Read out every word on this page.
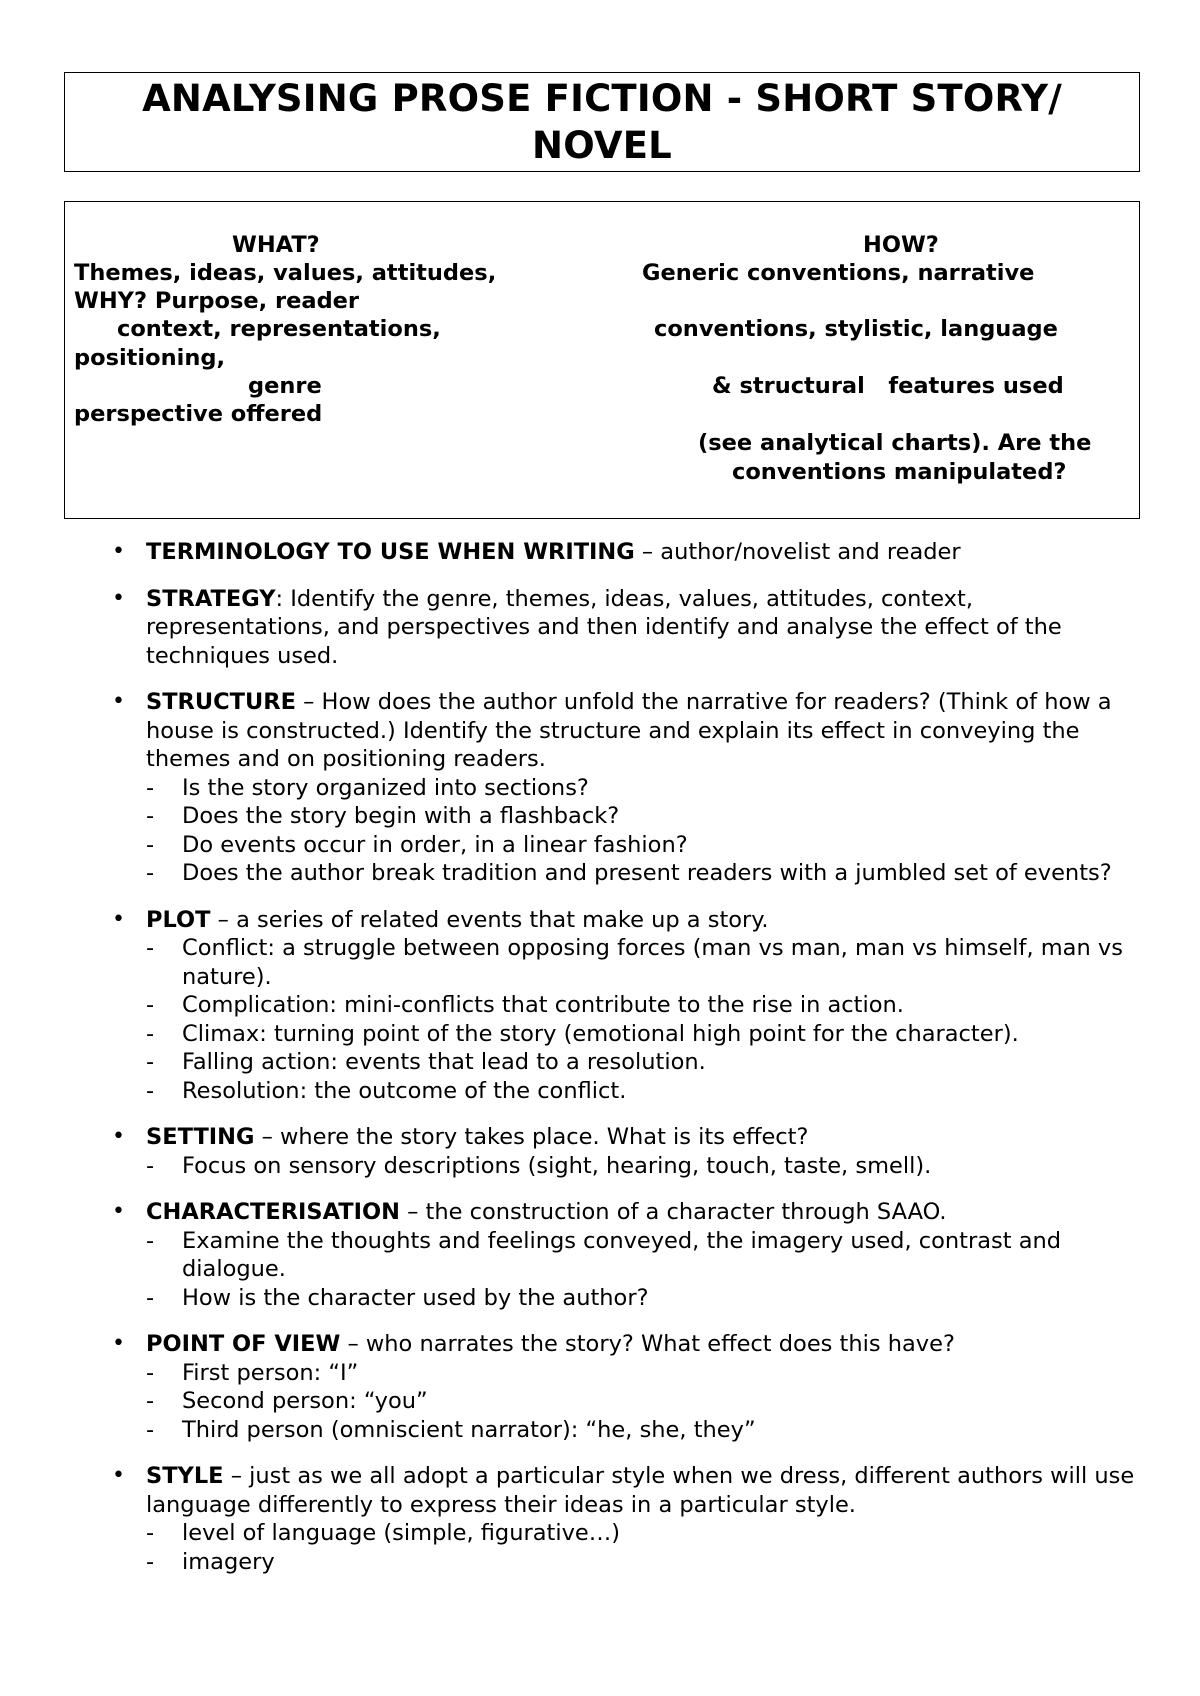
ANALYSING PROSE FICTION - SHORT STORY/
NOVEL
WHAT?	HOW?
Themes, ideas, values, attitudes,	Generic conventions, narrative
WHY? Purpose, reader
context, representations,	conventions, stylistic, language
positioning,
genre	& structural   features used
perspective offered
(see analytical charts). Are the
conventions manipulated?
• TERMINOLOGY TO USE WHEN WRITING – author/novelist and reader
• STRATEGY: Identify the genre, themes, ideas, values, attitudes, context, representations, and perspectives and then identify and analyse the effect of the techniques used.
• STRUCTURE – How does the author unfold the narrative for readers? (Think of how a house is constructed.) Identify the structure and explain its effect in conveying the themes and on positioning readers.
- Is the story organized into sections?
- Does the story begin with a flashback?
- Do events occur in order, in a linear fashion?
- Does the author break tradition and present readers with a jumbled set of events?
• PLOT – a series of related events that make up a story.
- Conflict: a struggle between opposing forces (man vs man, man vs himself, man vs nature).
- Complication: mini-conflicts that contribute to the rise in action.
- Climax: turning point of the story (emotional high point for the character).
- Falling action: events that lead to a resolution.
- Resolution: the outcome of the conflict.
• SETTING – where the story takes place. What is its effect?
- Focus on sensory descriptions (sight, hearing, touch, taste, smell).
• CHARACTERISATION – the construction of a character through SAAO.
- Examine the thoughts and feelings conveyed, the imagery used, contrast and dialogue.
- How is the character used by the author?
• POINT OF VIEW – who narrates the story? What effect does this have?
- First person: “I”
- Second person: “you”
- Third person (omniscient narrator): “he, she, they”
• STYLE – just as we all adopt a particular style when we dress, different authors will use language differently to express their ideas in a particular style.
- level of language (simple, figurative…)
- imagery
